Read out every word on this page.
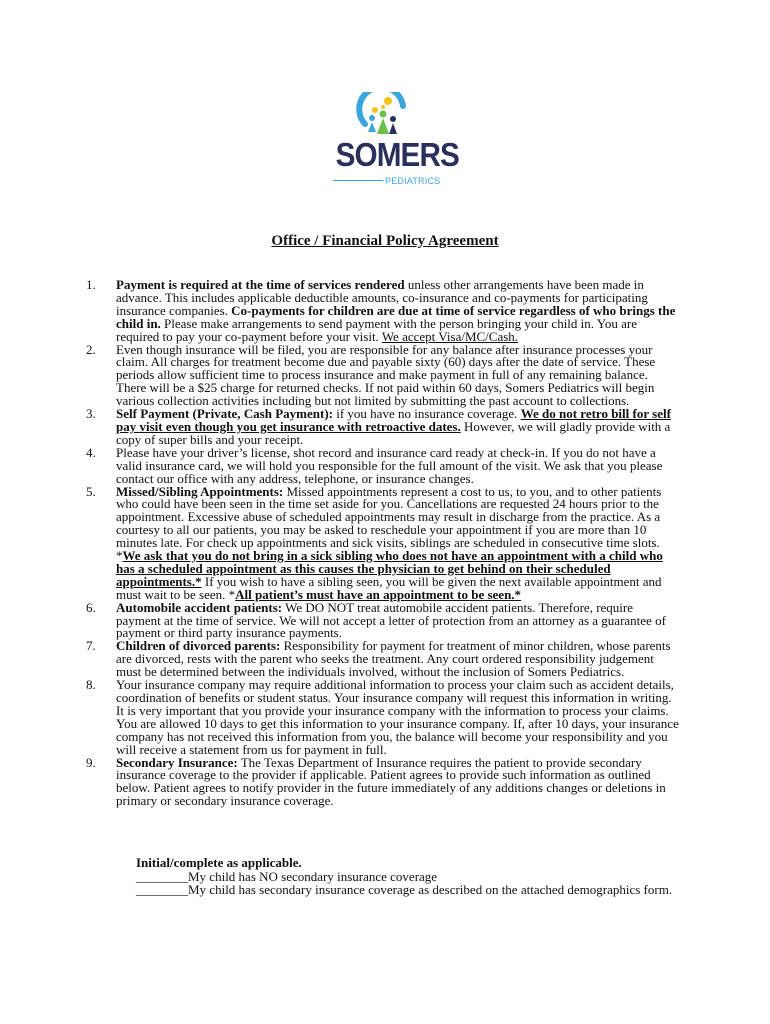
SOMERS
PEDIATRICS
Office / Financial Policy Agreement
1. Payment is required at the time of services rendered unless other arrangements have been made in advance. This includes applicable deductible amounts, co-insurance and co-payments for participating insurance companies. Co-payments for children are due at time of service regardless of who brings the child in. Please make arrangements to send payment with the person bringing your child in. You are required to pay your co-payment before your visit. We accept Visa/MC/Cash.
2. Even though insurance will be filed, you are responsible for any balance after insurance processes your claim. All charges for treatment become due and payable sixty (60) days after the date of service. These periods allow sufficient time to process insurance and make payment in full of any remaining balance. There will be a $25 charge for returned checks. If not paid within 60 days, Somers Pediatrics will begin various collection activities including but not limited by submitting the past account to collections.
3. Self Payment (Private, Cash Payment): if you have no insurance coverage. We do not retro bill for self pay visit even though you get insurance with retroactive dates. However, we will gladly provide with a copy of super bills and your receipt.
4. Please have your driver’s license, shot record and insurance card ready at check-in. If you do not have a valid insurance card, we will hold you responsible for the full amount of the visit. We ask that you please contact our office with any address, telephone, or insurance changes.
5. Missed/Sibling Appointments: Missed appointments represent a cost to us, to you, and to other patients who could have been seen in the time set aside for you. Cancellations are requested 24 hours prior to the appointment. Excessive abuse of scheduled appointments may result in discharge from the practice. As a courtesy to all our patients, you may be asked to reschedule your appointment if you are more than 10 minutes late. For check up appointments and sick visits, siblings are scheduled in consecutive time slots. *We ask that you do not bring in a sick sibling who does not have an appointment with a child who has a scheduled appointment as this causes the physician to get behind on their scheduled appointments.* If you wish to have a sibling seen, you will be given the next available appointment and must wait to be seen. *All patient’s must have an appointment to be seen.*
6. Automobile accident patients: We DO NOT treat automobile accident patients. Therefore, require payment at the time of service. We will not accept a letter of protection from an attorney as a guarantee of payment or third party insurance payments.
7. Children of divorced parents: Responsibility for payment for treatment of minor children, whose parents are divorced, rests with the parent who seeks the treatment. Any court ordered responsibility judgement must be determined between the individuals involved, without the inclusion of Somers Pediatrics.
8. Your insurance company may require additional information to process your claim such as accident details, coordination of benefits or student status. Your insurance company will request this information in writing. It is very important that you provide your insurance company with the information to process your claims. You are allowed 10 days to get this information to your insurance company. If, after 10 days, your insurance company has not received this information from you, the balance will become your responsibility and you will receive a statement from us for payment in full.
9. Secondary Insurance: The Texas Department of Insurance requires the patient to provide secondary insurance coverage to the provider if applicable. Patient agrees to provide such information as outlined below. Patient agrees to notify provider in the future immediately of any additions changes or deletions in primary or secondary insurance coverage.
Initial/complete as applicable.
________My child has NO secondary insurance coverage
________My child has secondary insurance coverage as described on the attached demographics form.
